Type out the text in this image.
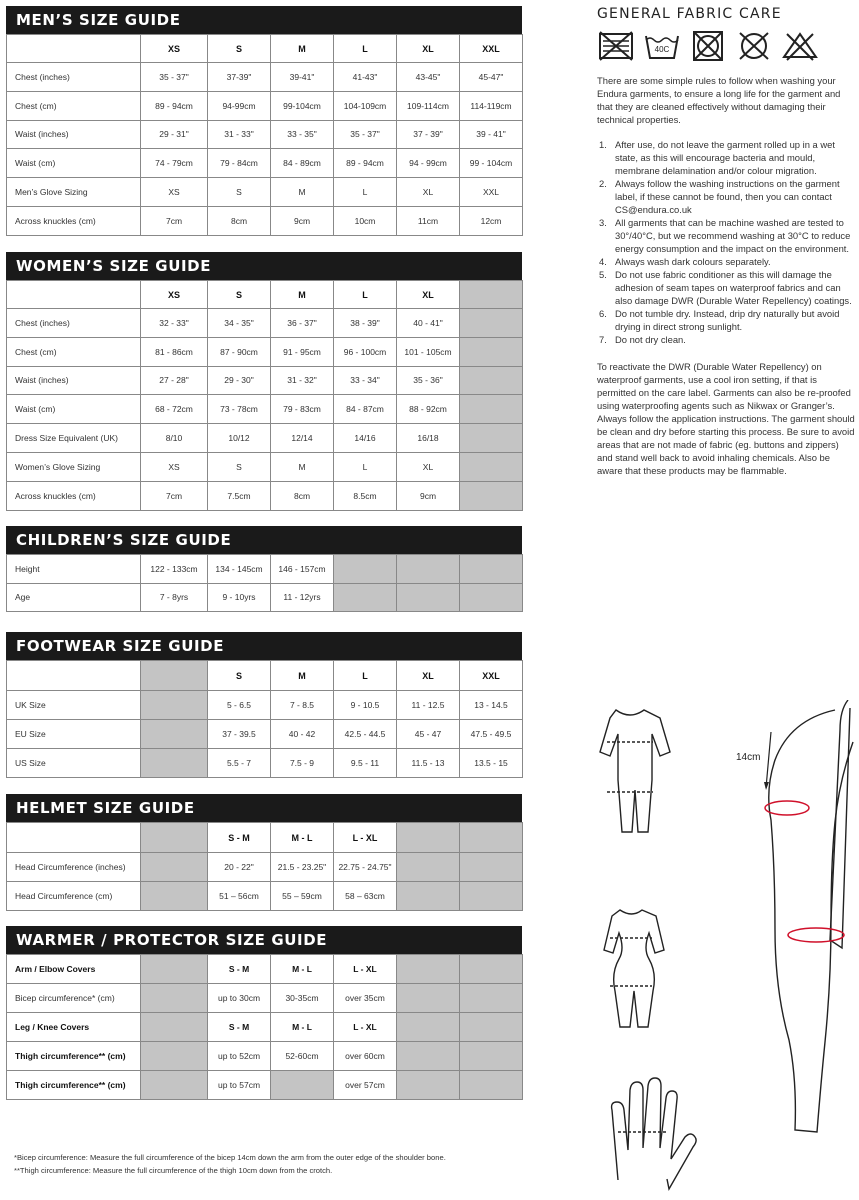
MEN’S SIZE GUIDE
	XS	S	M	L	XL	XXL
Chest (inches)	35 - 37"	37-39"	39-41"	41-43"	43-45"	45-47"
Chest (cm)	89 - 94cm	94-99cm	99-104cm	104-109cm	109-114cm	114-119cm
Waist (inches)	29 - 31"	31 - 33"	33 - 35"	35 - 37"	37 - 39"	39 - 41"
Waist (cm)	74 - 79cm	79 - 84cm	84 - 89cm	89 - 94cm	94 - 99cm	99 - 104cm
Men’s Glove Sizing	XS	S	M	L	XL	XXL
Across knuckles (cm)	7cm	8cm	9cm	10cm	11cm	12cm
WOMEN’S SIZE GUIDE
	XS	S	M	L	XL	
Chest (inches)	32 - 33"	34 - 35"	36 - 37"	38 - 39"	40 - 41"	
Chest (cm)	81 - 86cm	87 - 90cm	91 - 95cm	96 - 100cm	101 - 105cm	
Waist (inches)	27 - 28"	29 - 30"	31 - 32"	33 - 34"	35 - 36"	
Waist (cm)	68 - 72cm	73 - 78cm	79 - 83cm	84 - 87cm	88 - 92cm	
Dress Size Equivalent (UK)	8/10	10/12	12/14	14/16	16/18	
Women’s Glove Sizing	XS	S	M	L	XL	
Across knuckles (cm)	7cm	7.5cm	8cm	8.5cm	9cm	
CHILDREN’S SIZE GUIDE
Height	122 - 133cm	134 - 145cm	146 - 157cm			
Age	7 - 8yrs	9 - 10yrs	11 - 12yrs			
FOOTWEAR SIZE GUIDE
		S	M	L	XL	XXL
UK Size		5 - 6.5	7 - 8.5	9 - 10.5	11 - 12.5	13 - 14.5
EU Size		37 - 39.5	40 - 42	42.5 - 44.5	45 - 47	47.5 - 49.5
US Size		5.5 - 7	7.5 - 9	9.5 - 11	11.5 - 13	13.5 - 15
HELMET SIZE GUIDE
		S - M	M - L	L - XL		
Head Circumference (inches)		20 - 22"	21.5 - 23.25"	22.75 - 24.75"		
Head Circumference (cm)		51 – 56cm	55 – 59cm	58 – 63cm		
WARMER / PROTECTOR SIZE GUIDE
Arm / Elbow Covers		S - M	M - L	L - XL		
Bicep circumference* (cm)		up to 30cm	30-35cm	over 35cm		
Leg / Knee Covers		S - M	M - L	L - XL		
Thigh circumference** (cm)		up to 52cm	52-60cm	over 60cm		
Thigh circumference** (cm)		up to 57cm		over 57cm		
*Bicep circumference: Measure the full circumference of the bicep 14cm down the arm from the outer edge of the shoulder bone.
**Thigh circumference: Measure the full circumference of the thigh 10cm down from the crotch.
GENERAL FABRIC CARE
40C

There are some simple rules to follow when washing your Endura garments, to ensure a long life for the garment and that they are cleaned effectively without damaging their technical properties.

1. After use, do not leave the garment rolled up in a wet state, as this will encourage bacteria and mould, membrane delamination and/or colour migration.
2. Always follow the washing instructions on the garment label, if these cannot be found, then you can contact CS@endura.co.uk
3. All garments that can be machine washed are tested to 30°/40°C, but we recommend washing at 30°C to reduce energy consumption and the impact on the environment.
4. Always wash dark colours separately.
5. Do not use fabric conditioner as this will damage the adhesion of seam tapes on waterproof fabrics and can also damage DWR (Durable Water Repellency) coatings.
6. Do not tumble dry. Instead, drip dry naturally but avoid drying in direct strong sunlight.
7. Do not dry clean.

To reactivate the DWR (Durable Water Repellency) on waterproof garments, use a cool iron setting, if that is permitted on the care label. Garments can also be re-proofed using waterproofing agents such as Nikwax or Granger’s. Always follow the application instructions. The garment should be clean and dry before starting this process. Be sure to avoid areas that are not made of fabric (eg. buttons and zippers) and stand well back to avoid inhaling chemicals. Also be aware that these products may be flammable.

14cm
